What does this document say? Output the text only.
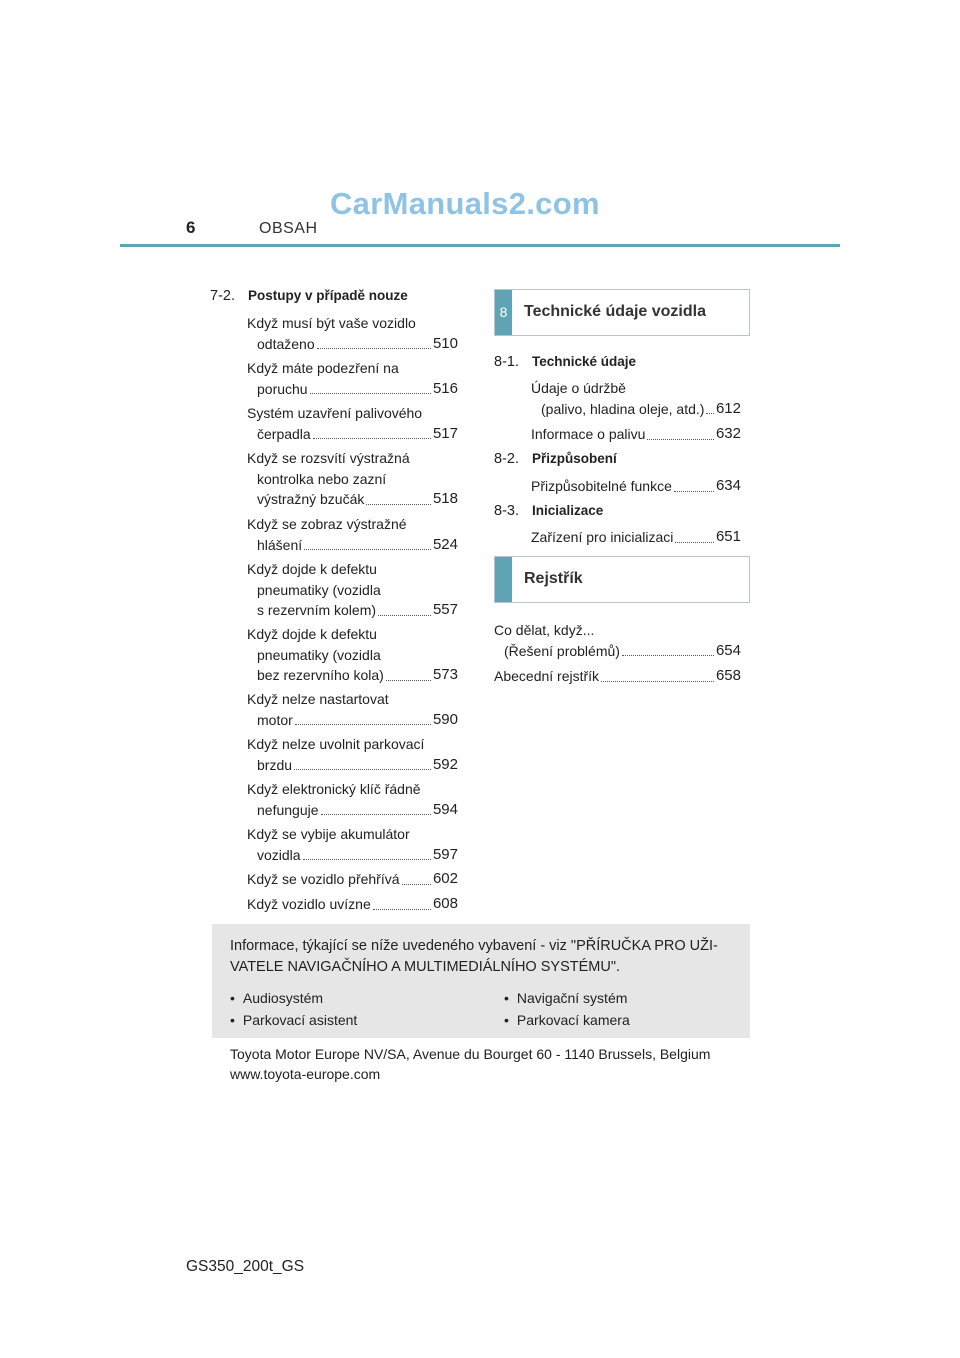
CarManuals2.com
6	OBSAH
7-2. Postupy v případě nouze
Když musí být vaše vozidlo
odtaženo	510
Když máte podezření na
poruchu	516
Systém uzavření palivového
čerpadla	517
Když se rozsvítí výstražná
kontrolka nebo zazní
výstražný bzučák	518
Když se zobraz výstražné
hlášení	524
Když dojde k defektu
pneumatiky (vozidla
s rezervním kolem)	557
Když dojde k defektu
pneumatiky (vozidla
bez rezervního kola)	573
Když nelze nastartovat
motor	590
Když nelze uvolnit parkovací
brzdu	592
Když elektronický klíč řádně
nefunguje	594
Když se vybije akumulátor
vozidla	597
Když se vozidlo přehřívá 602
Když vozidlo uvízne	608
8 Technické údaje vozidla
8-1. Technické údaje
Údaje o údržbě
(palivo, hladina oleje, atd.) 612
Informace o palivu	632
8-2. Přizpůsobení
Přizpůsobitelné funkce	634
8-3. Inicializace
Zařízení pro inicializaci	651
Rejstřík
Co dělat, když...
(Řešení problémů)	654
Abecední rejstřík	658
Informace, týkající se níže uvedeného vybavení - viz "PŘÍRUČKA PRO UŽI-VATELE NAVIGAČNÍHO A MULTIMEDIÁLNÍHO SYSTÉMU".
• Audiosystém	• Navigační systém
• Parkovací asistent	• Parkovací kamera
Toyota Motor Europe NV/SA, Avenue du Bourget 60 - 1140 Brussels, Belgium
www.toyota-europe.com
GS350_200t_GS
